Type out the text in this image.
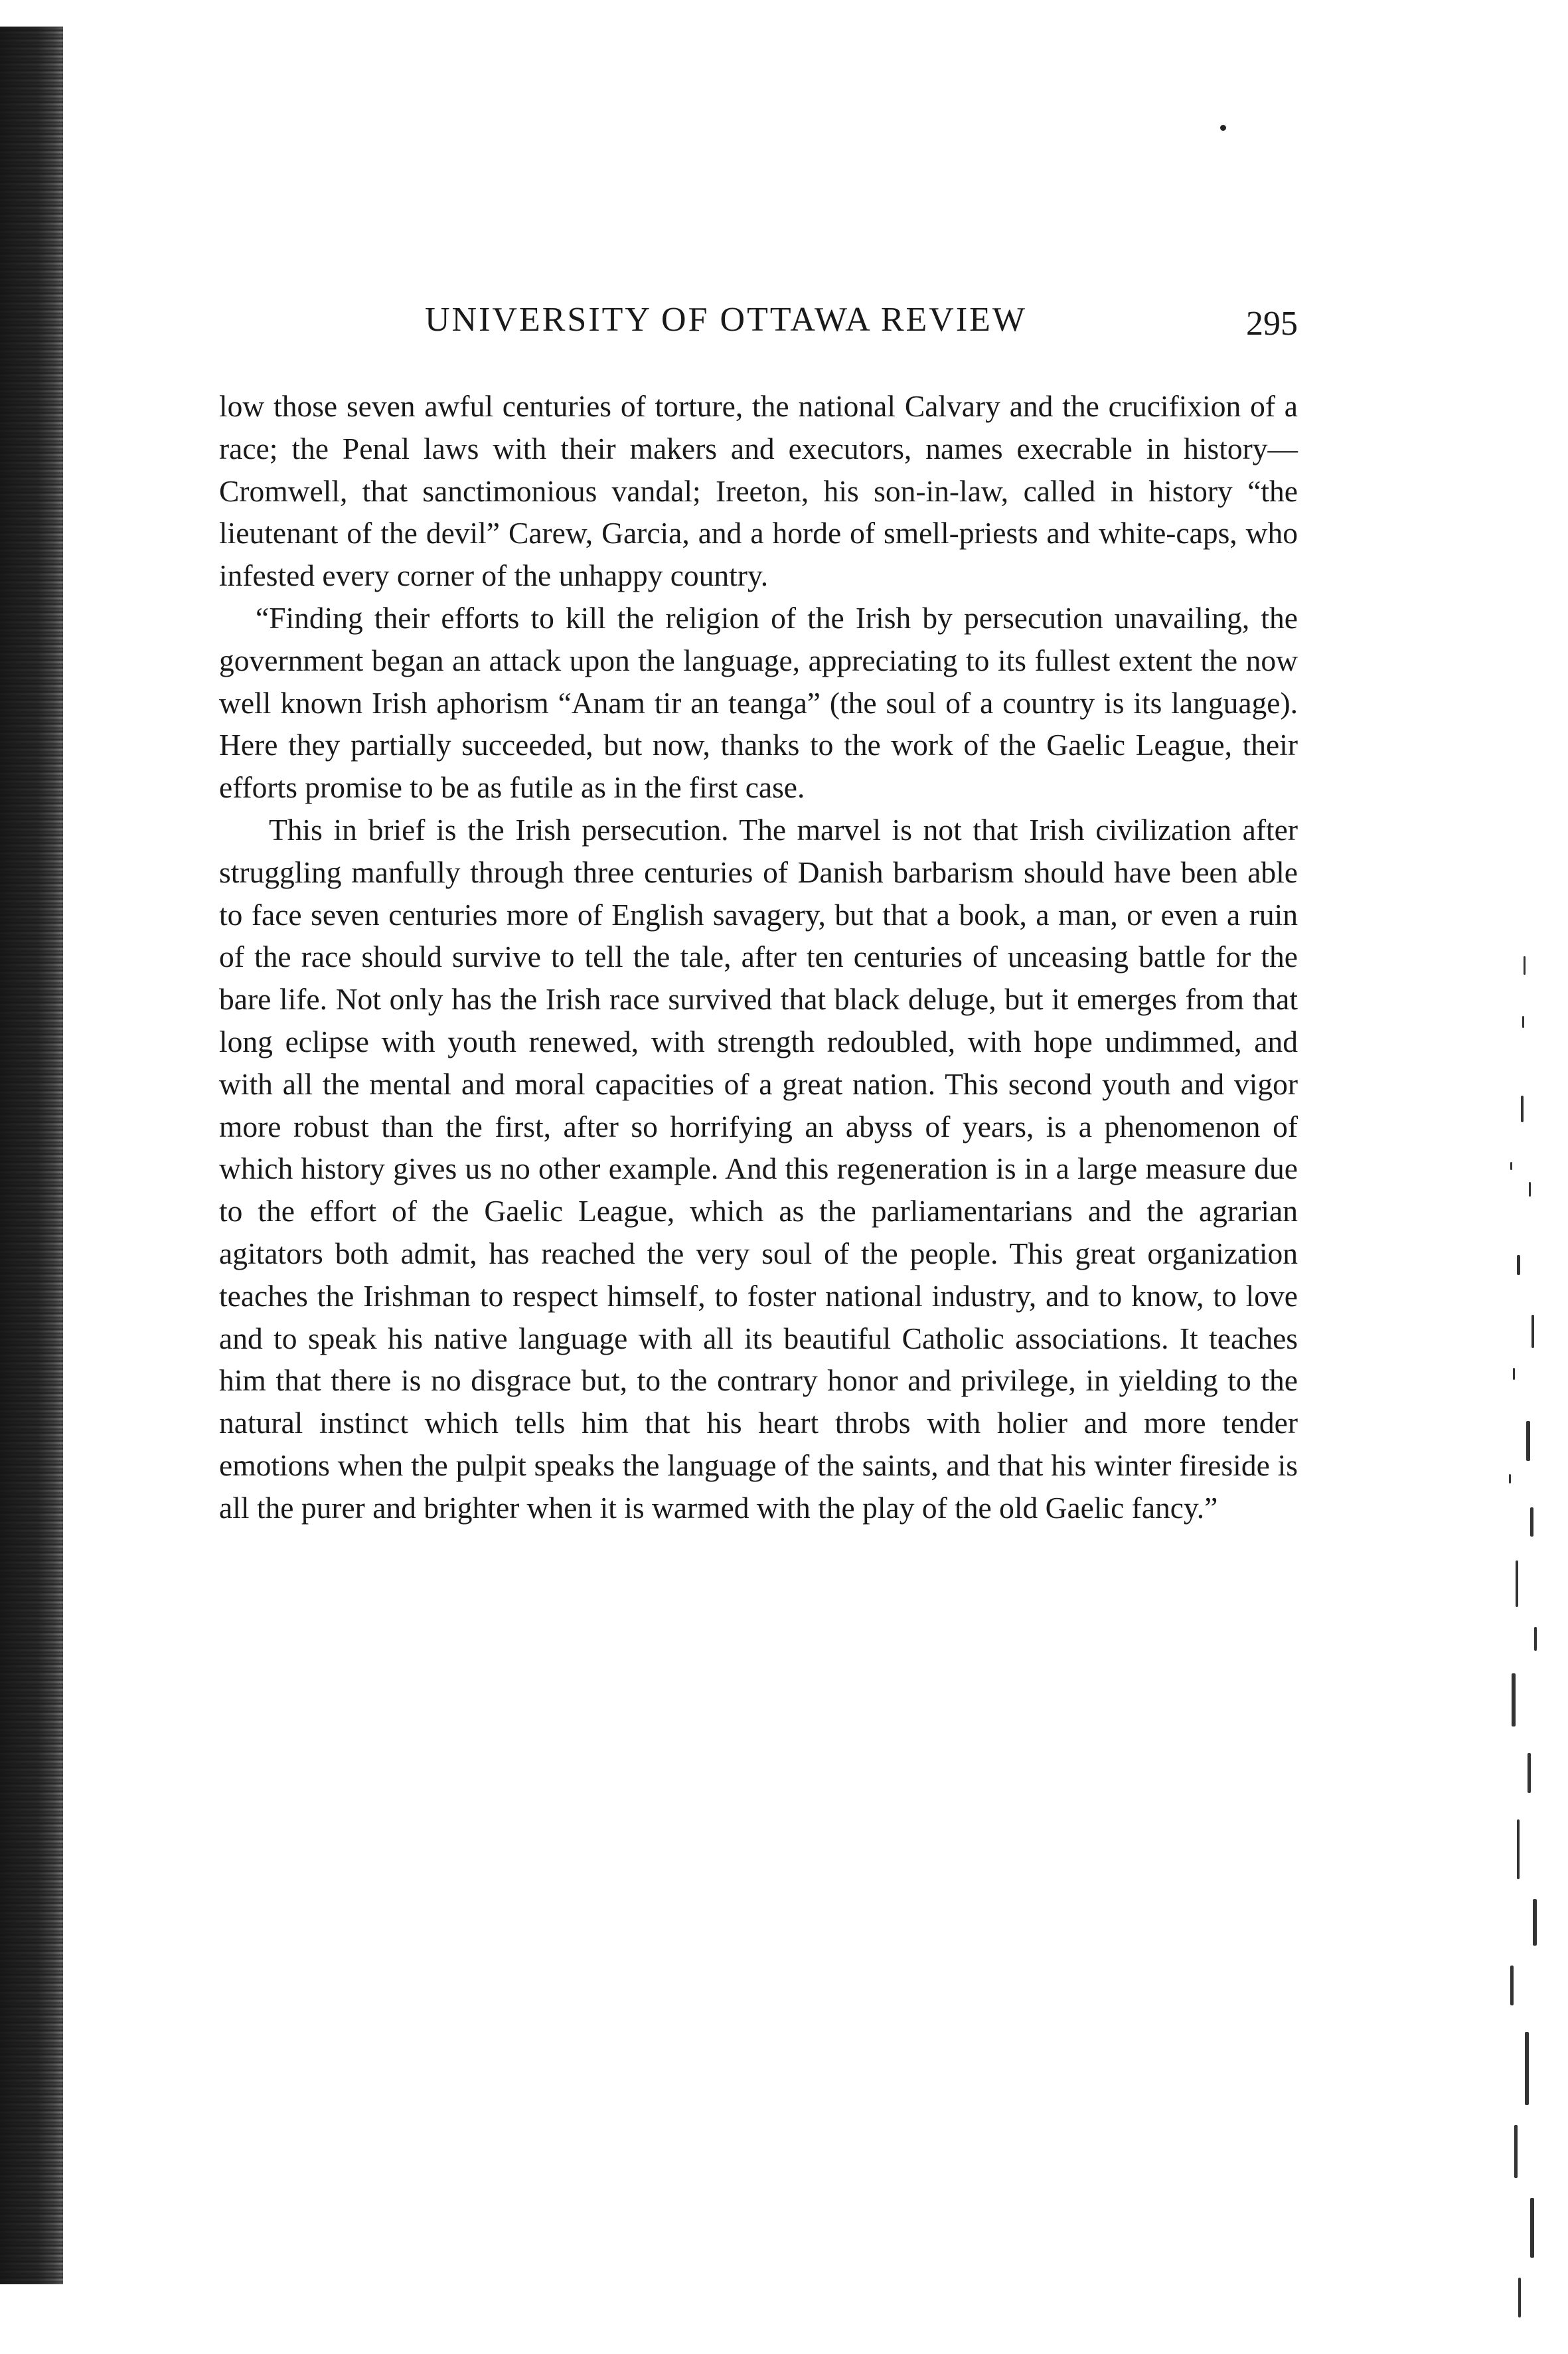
UNIVERSITY OF OTTAWA REVIEW	295

low those seven awful centuries of torture, the national Calvary and the crucifixion of a race; the Penal laws with their makers and executors, names execrable in history—Cromwell, that sanctimonious vandal; Ireeton, his son-in-law, called in history “the lieutenant of the devil” Carew, Garcia, and a horde of smell-priests and white-caps, who infested every corner of the unhappy country.

“Finding their efforts to kill the religion of the Irish by persecution unavailing, the government began an attack upon the language, appreciating to its fullest extent the now well known Irish aphorism “Anam tir an teanga” (the soul of a country is its language). Here they partially succeeded, but now, thanks to the work of the Gaelic League, their efforts promise to be as futile as in the first case.

This in brief is the Irish persecution. The marvel is not that Irish civilization after struggling manfully through three centuries of Danish barbarism should have been able to face seven centuries more of English savagery, but that a book, a man, or even a ruin of the race should survive to tell the tale, after ten centuries of unceasing battle for the bare life. Not only has the Irish race survived that black deluge, but it emerges from that long eclipse with youth renewed, with strength redoubled, with hope undimmed, and with all the mental and moral capacities of a great nation. This second youth and vigor more robust than the first, after so horrifying an abyss of years, is a phenomenon of which history gives us no other example. And this regeneration is in a large measure due to the effort of the Gaelic League, which as the parliamentarians and the agrarian agitators both admit, has reached the very soul of the people. This great organization teaches the Irishman to respect himself, to foster national industry, and to know, to love and to speak his native language with all its beautiful Catholic associations. It teaches him that there is no disgrace but, to the contrary honor and privilege, in yielding to the natural instinct which tells him that his heart throbs with holier and more tender emotions when the pulpit speaks the language of the saints, and that his winter fireside is all the purer and brighter when it is warmed with the play of the old Gaelic fancy.”
